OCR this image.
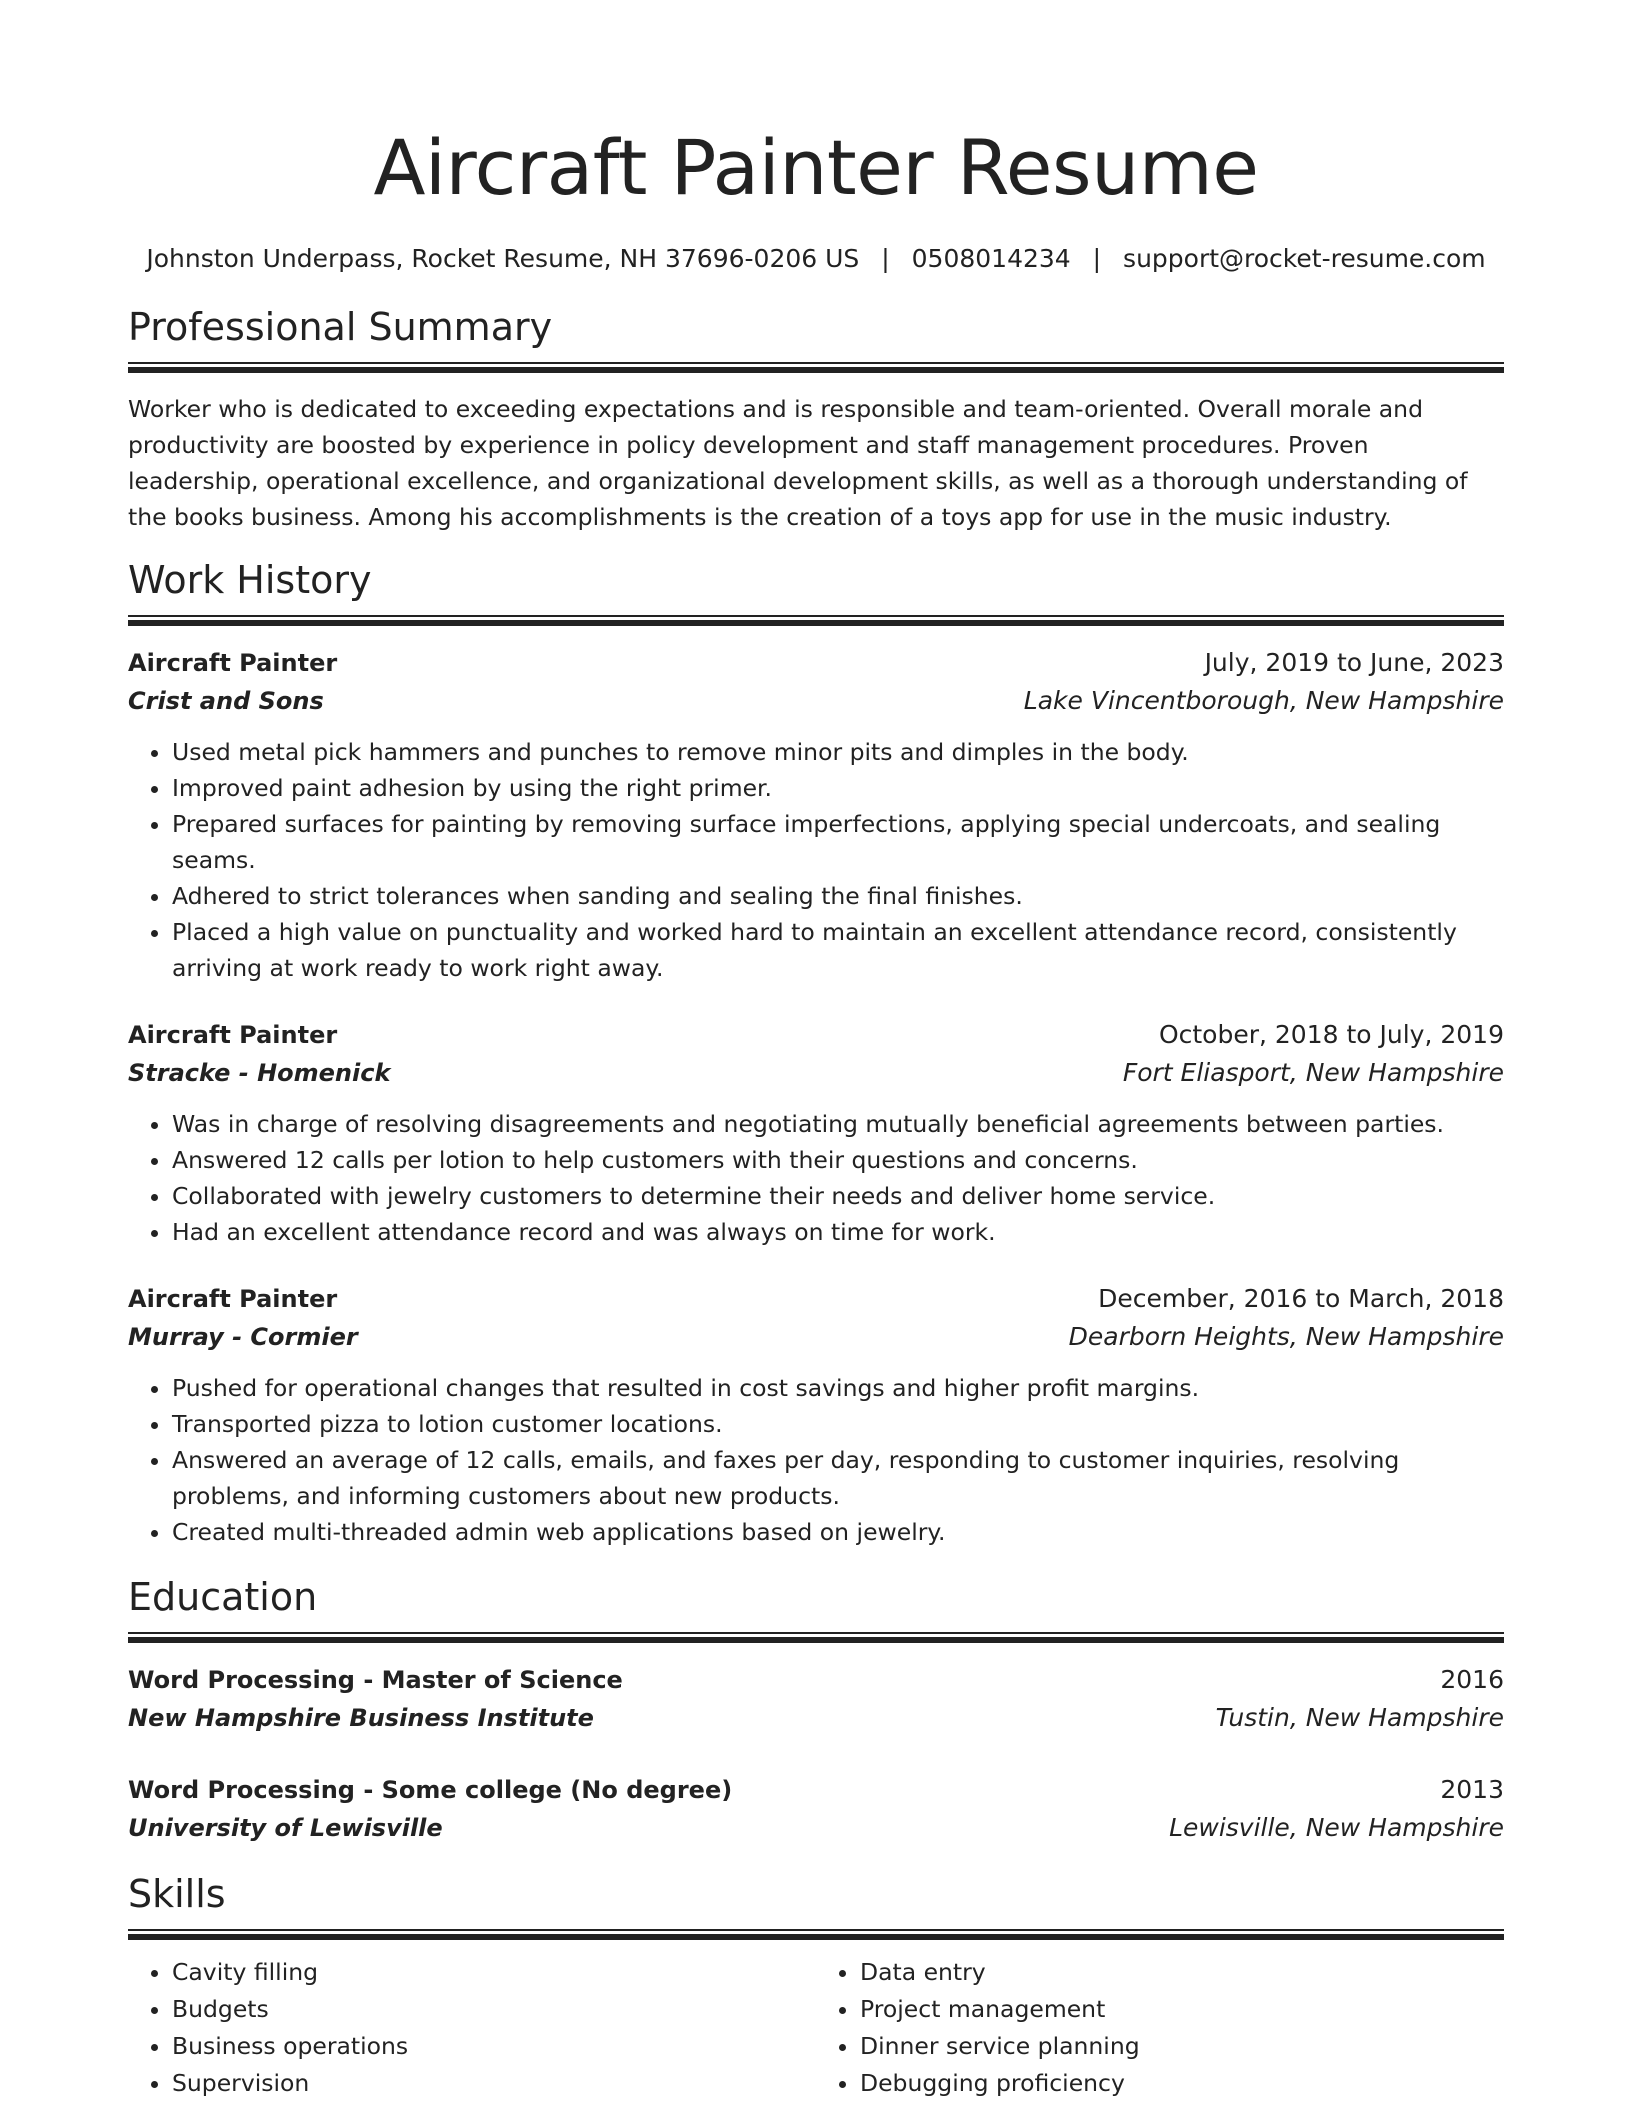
Aircraft Painter Resume
Johnston Underpass, Rocket Resume, NH 37696-0206 US | 0508014234 | support@rocket-resume.com
Professional Summary

Worker who is dedicated to exceeding expectations and is responsible and team-oriented. Overall morale and productivity are boosted by experience in policy development and staff management procedures. Proven leadership, operational excellence, and organizational development skills, as well as a thorough understanding of the books business. Among his accomplishments is the creation of a toys app for use in the music industry.

Work History
Aircraft Painter	July, 2019 to June, 2023
Crist and Sons	Lake Vincentborough, New Hampshire
• Used metal pick hammers and punches to remove minor pits and dimples in the body.
• Improved paint adhesion by using the right primer.
• Prepared surfaces for painting by removing surface imperfections, applying special undercoats, and sealing seams.
• Adhered to strict tolerances when sanding and sealing the final finishes.
• Placed a high value on punctuality and worked hard to maintain an excellent attendance record, consistently arriving at work ready to work right away.
Aircraft Painter	October, 2018 to July, 2019
Stracke - Homenick	Fort Eliasport, New Hampshire
• Was in charge of resolving disagreements and negotiating mutually beneficial agreements between parties.
• Answered 12 calls per lotion to help customers with their questions and concerns.
• Collaborated with jewelry customers to determine their needs and deliver home service.
• Had an excellent attendance record and was always on time for work.
Aircraft Painter	December, 2016 to March, 2018
Murray - Cormier	Dearborn Heights, New Hampshire
• Pushed for operational changes that resulted in cost savings and higher profit margins.
• Transported pizza to lotion customer locations.
• Answered an average of 12 calls, emails, and faxes per day, responding to customer inquiries, resolving problems, and informing customers about new products.
• Created multi-threaded admin web applications based on jewelry.
Education
Word Processing - Master of Science	2016
New Hampshire Business Institute	Tustin, New Hampshire
Word Processing - Some college (No degree)	2013
University of Lewisville	Lewisville, New Hampshire
Skills
• Cavity filling
• Budgets
• Business operations
• Supervision
• Data entry
• Project management
• Dinner service planning
• Debugging proficiency
